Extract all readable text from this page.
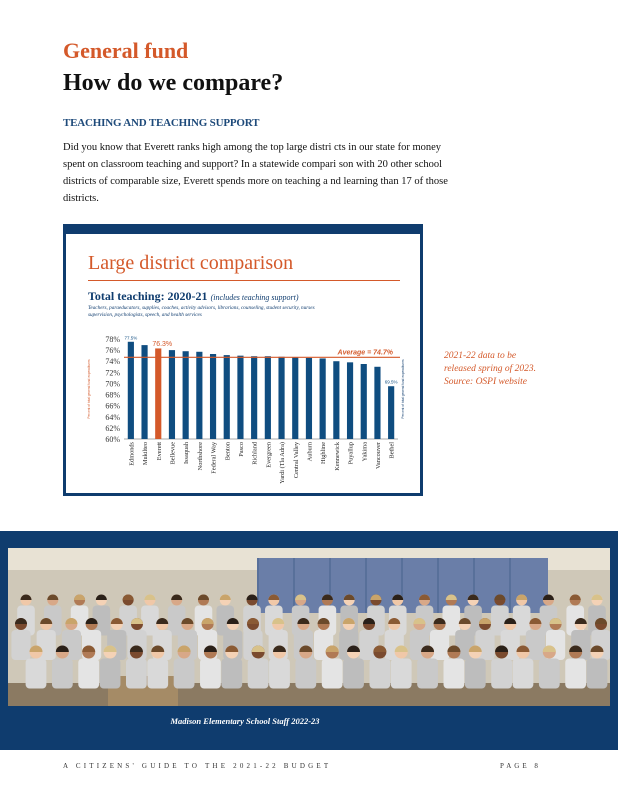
General fund
How do we compare?
TEACHING AND TEACHING SUPPORT
Did you know that Everett ranks high among the top large distri cts in our state for money
spent on classroom teaching and support? In a statewide compari son with 20 other school
districts of comparable size, Everett spends more on teaching a nd learning than 17 of those
districts.
Large district comparison
Total teaching: 2020-21 (includes teaching support)
Teachers, paraeducators, supplies, coaches, activity advisors, librarians, counseling, student security, nurses supervision, psychologists, speech, and health services
78%
76%
74%
72%
70%
68%
66%
64%
62%
60%
Percent of total general fund expenditures	Percent of total general fund expenditures
Edmonds
77.5%
Mukilteo Everett
76.3%
Bellevue Issaquah Northshore Federal Way Benton Pasco Richland Evergreen Yardi (Tla Adra) Central Valley Auburn Highline Kennewick Puyallup Yakima Vancouver Bethel
69.5%
Average = 74.7%	2021-22 data to be
released spring of 2023.
Source: OSPI website
Madison Elementary School Staff 2022-23
A CITIZENS' GUIDE TO THE 2021-22 BUDGET	PAGE 8
